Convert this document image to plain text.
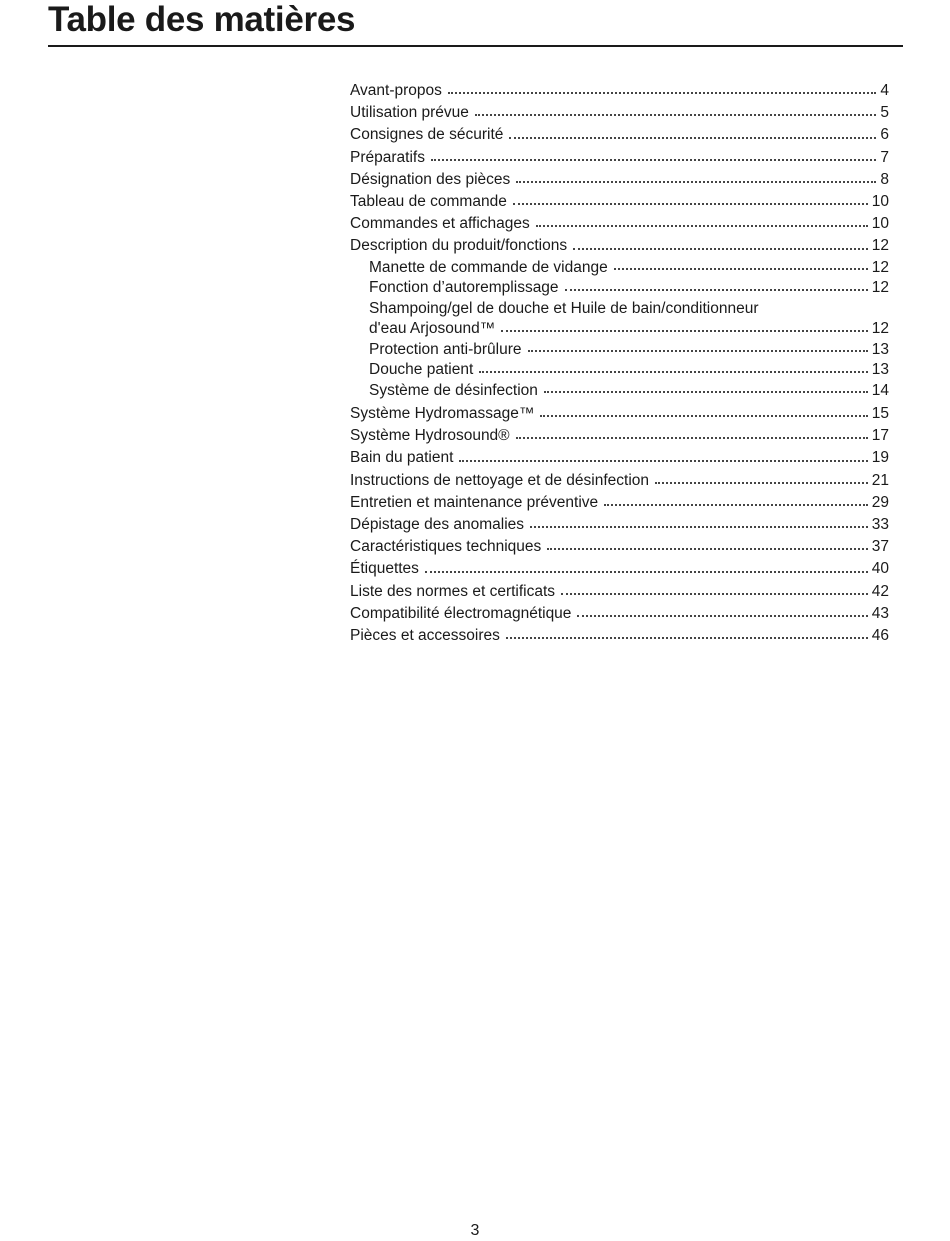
Table des matières
Avant-propos	4
Utilisation prévue	5
Consignes de sécurité	6
Préparatifs	7
Désignation des pièces	8
Tableau de commande	10
Commandes et affichages	10
Description du produit/fonctions	12
Manette de commande de vidange	12
Fonction d’autoremplissage	12
Shampoing/gel de douche et Huile de bain/conditionneur
d'eau Arjosound™	12
Protection anti-brûlure	13
Douche patient	13
Système de désinfection	14
Système Hydromassage™	15
Système Hydrosound®	17
Bain du patient	19
Instructions de nettoyage et de désinfection	21
Entretien et maintenance préventive	29
Dépistage des anomalies	33
Caractéristiques techniques	37
Étiquettes	40
Liste des normes et certificats	42
Compatibilité électromagnétique	43
Pièces et accessoires	46
3
